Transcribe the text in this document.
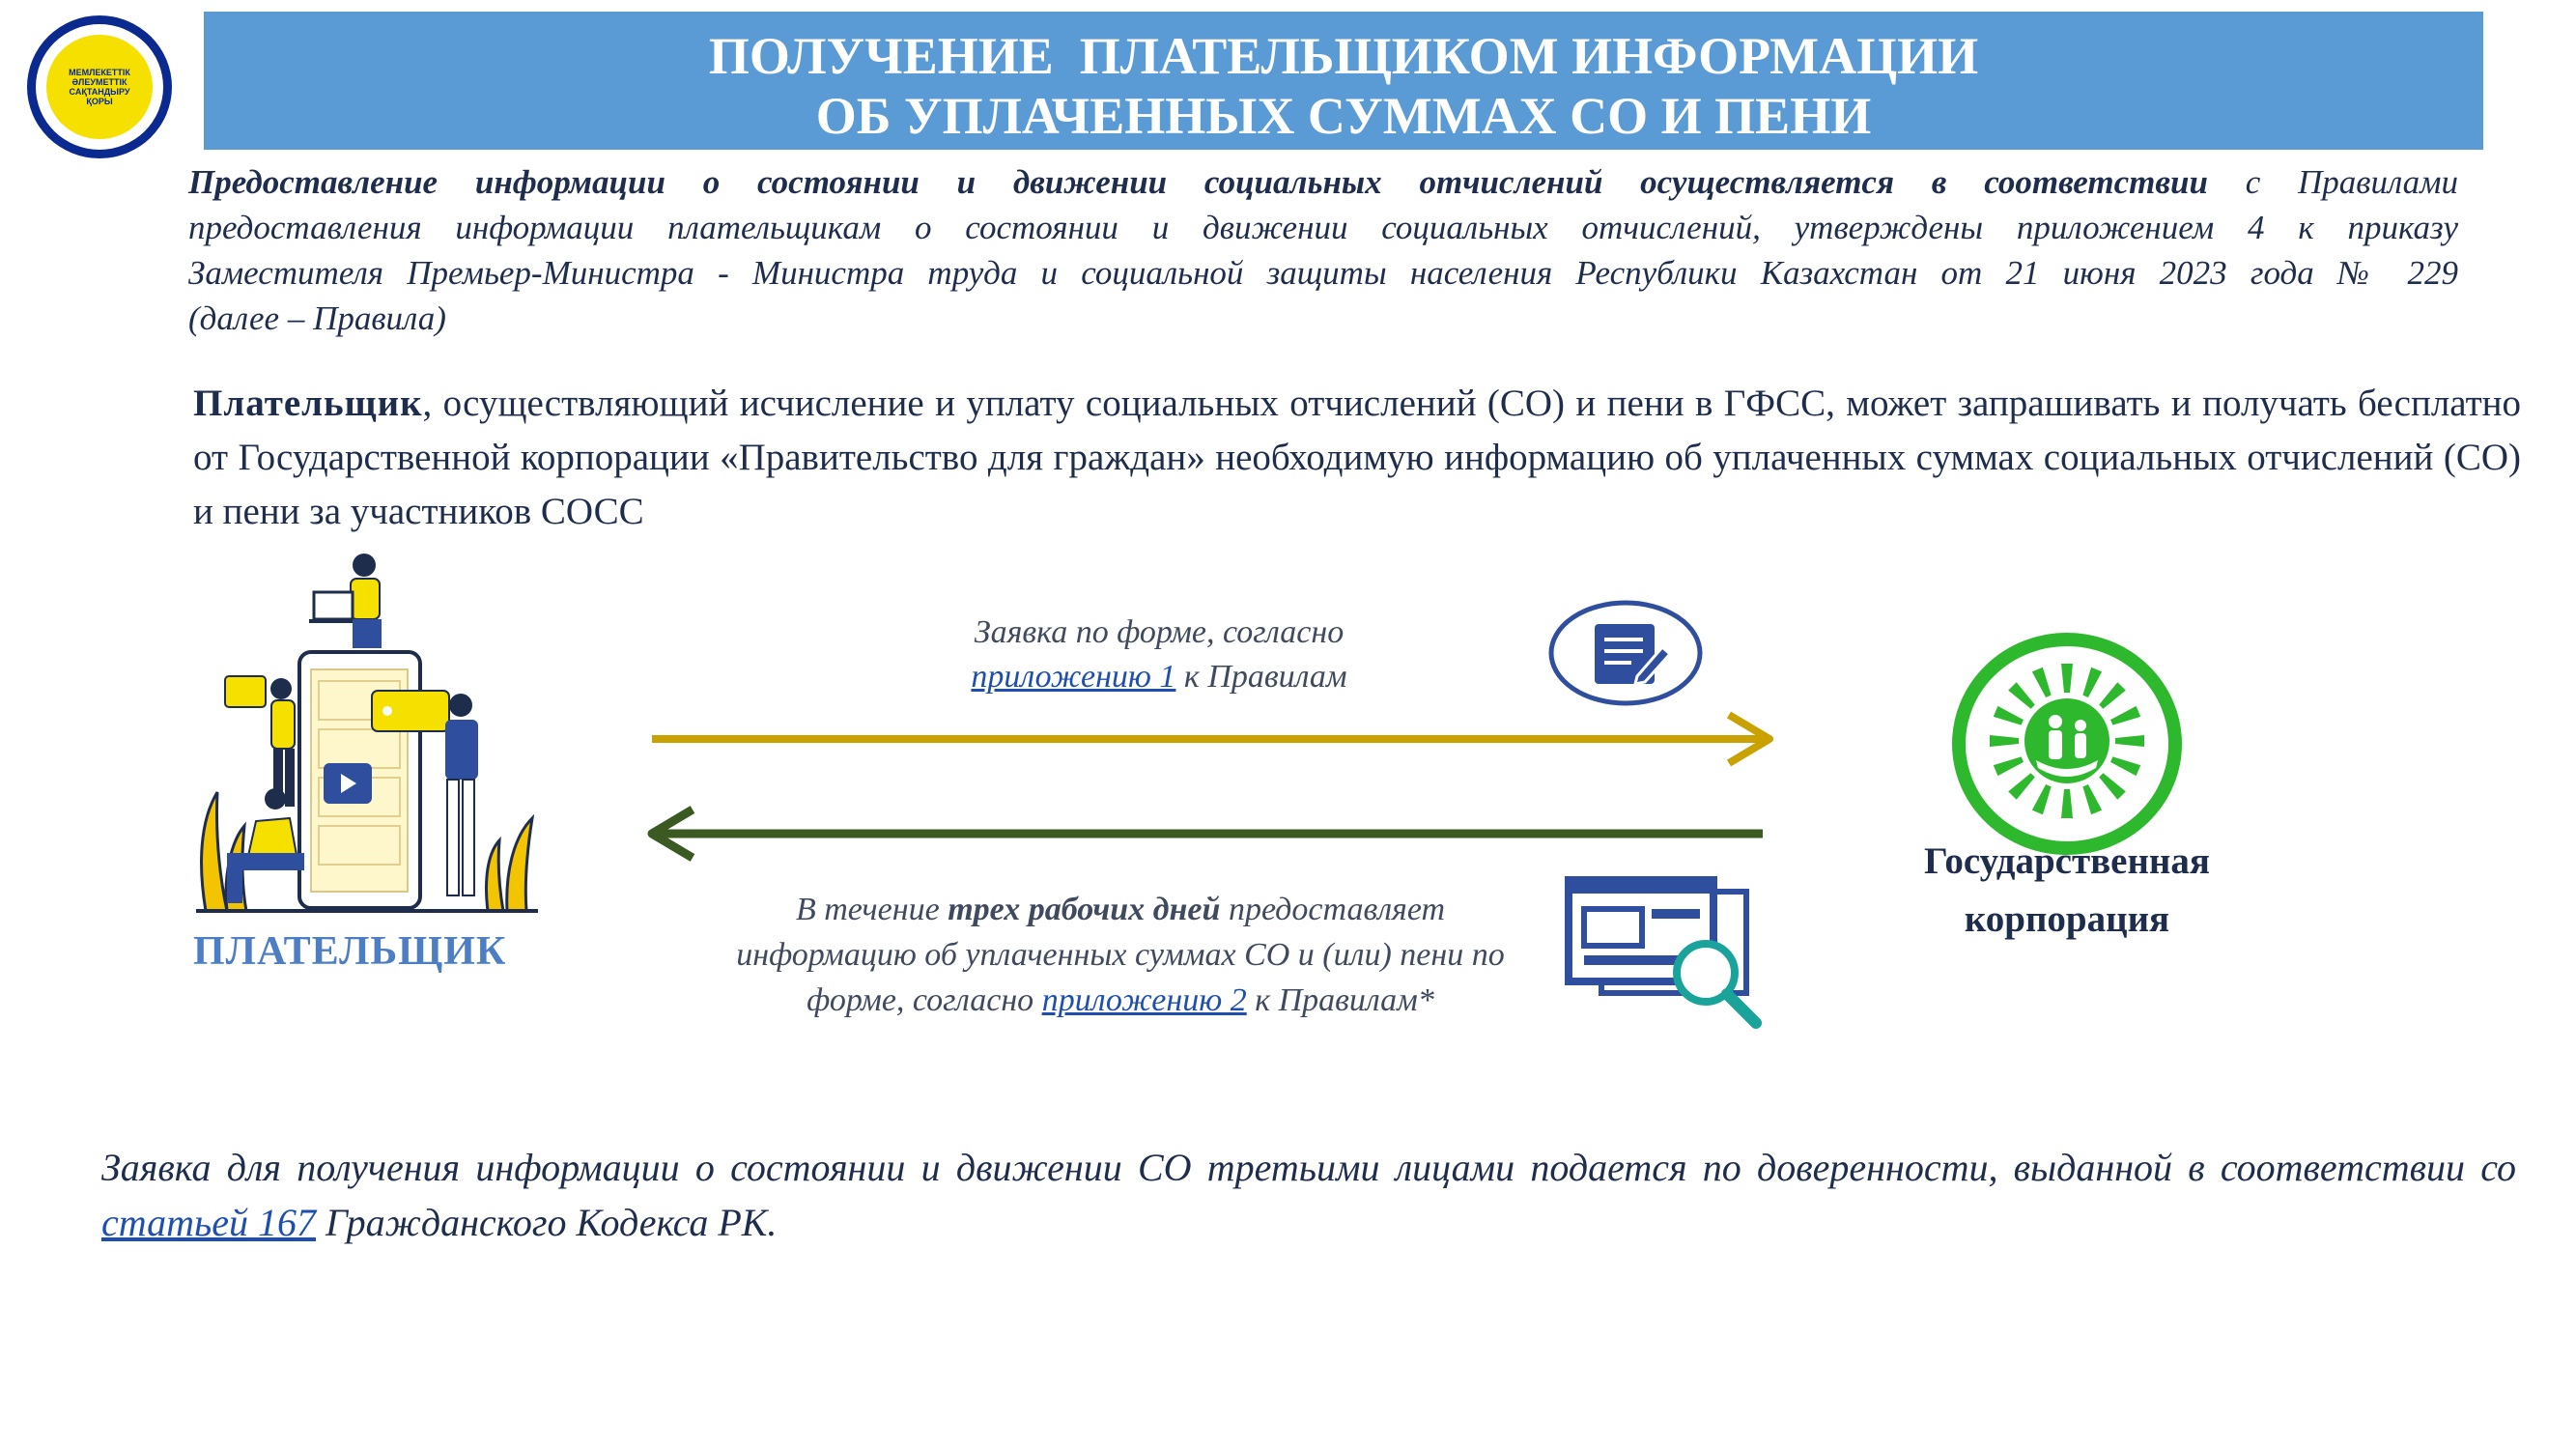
МЕМЛЕКЕТТІК
ӘЛЕУМЕТТІК
САҚТАНДЫРУ
ҚОРЫ
ПОЛУЧЕНИЕ  ПЛАТЕЛЬЩИКОМ ИНФОРМАЦИИ
ОБ УПЛАЧЕННЫХ СУММАХ СО И ПЕНИ
Предоставление информации о состоянии и движении социальных отчислений осуществляется в соответствии с Правилами
предоставления информации плательщикам о состоянии и движении социальных отчислений, утверждены приложением 4 к приказу
Заместителя Премьер-Министра - Министра труда и социальной защиты населения Республики Казахстан от 21 июня 2023 года № 229
(далее – Правила)
Плательщик, осуществляющий исчисление и уплату социальных отчислений (СО) и пени в ГФСС, может запрашивать и получать бесплатно от Государственной корпорации «Правительство для граждан» необходимую информацию об уплаченных суммах социальных отчислений (СО) и пени за участников СОСС
ПЛАТЕЛЬЩИК
Заявка по форме, согласно
приложению 1 к Правилам
Государственная
корпорация
В течение трех рабочих дней предоставляет
информацию об уплаченных суммах СО и (или) пени по
форме, согласно приложению 2 к Правилам*
Заявка для получения информации о состоянии и движении СО третьими лицами подается по доверенности, выданной в соответствии со статьей 167 Гражданского Кодекса РК.
